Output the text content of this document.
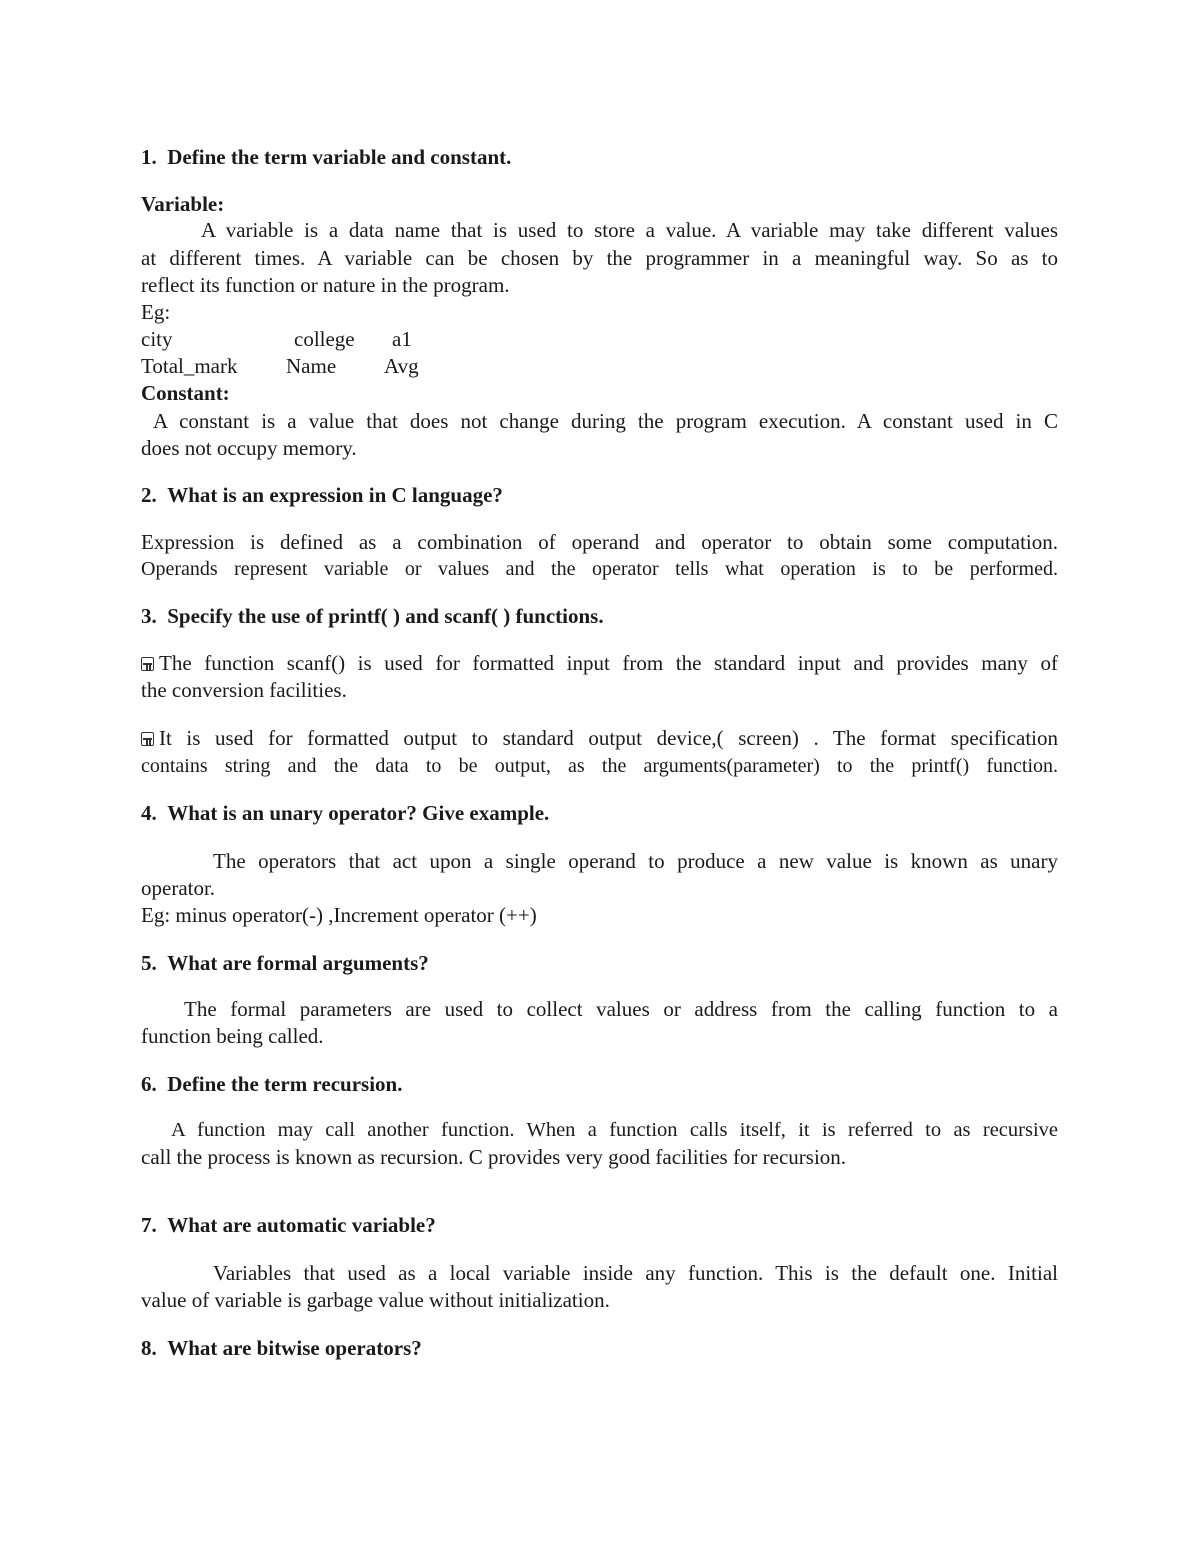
1. Define the term variable and constant.
Variable:
A variable is a data name that is used to store a value. A variable may take different values
at different times. A variable can be chosen by the programmer in a meaningful way. So as to
reflect its function or nature in the program.
Eg:
city	college a1
Total_mark Name Avg
Constant:
A constant is a value that does not change during the program execution. A constant used in C
does not occupy memory.
2. What is an expression in C language?
Expression is defined as a combination of operand and operator to obtain some computation.
Operands represent variable or values and the operator tells what operation is to be performed.
3. Specify the use of printf( ) and scanf( ) functions.
The function scanf() is used for formatted input from the standard input and provides many of
the conversion facilities.
It is used for formatted output to standard output device,( screen) . The format specification
contains string and the data to be output, as the arguments(parameter) to the printf() function.
4. What is an unary operator? Give example.
The operators that act upon a single operand to produce a new value is known as unary
operator.
Eg: minus operator(-) ,Increment operator (++)
5. What are formal arguments?
The formal parameters are used to collect values or address from the calling function to a
function being called.
6. Define the term recursion.
A function may call another function. When a function calls itself, it is referred to as recursive
call the process is known as recursion. C provides very good facilities for recursion.
7. What are automatic variable?
Variables that used as a local variable inside any function. This is the default one. Initial
value of variable is garbage value without initialization.
8. What are bitwise operators?
